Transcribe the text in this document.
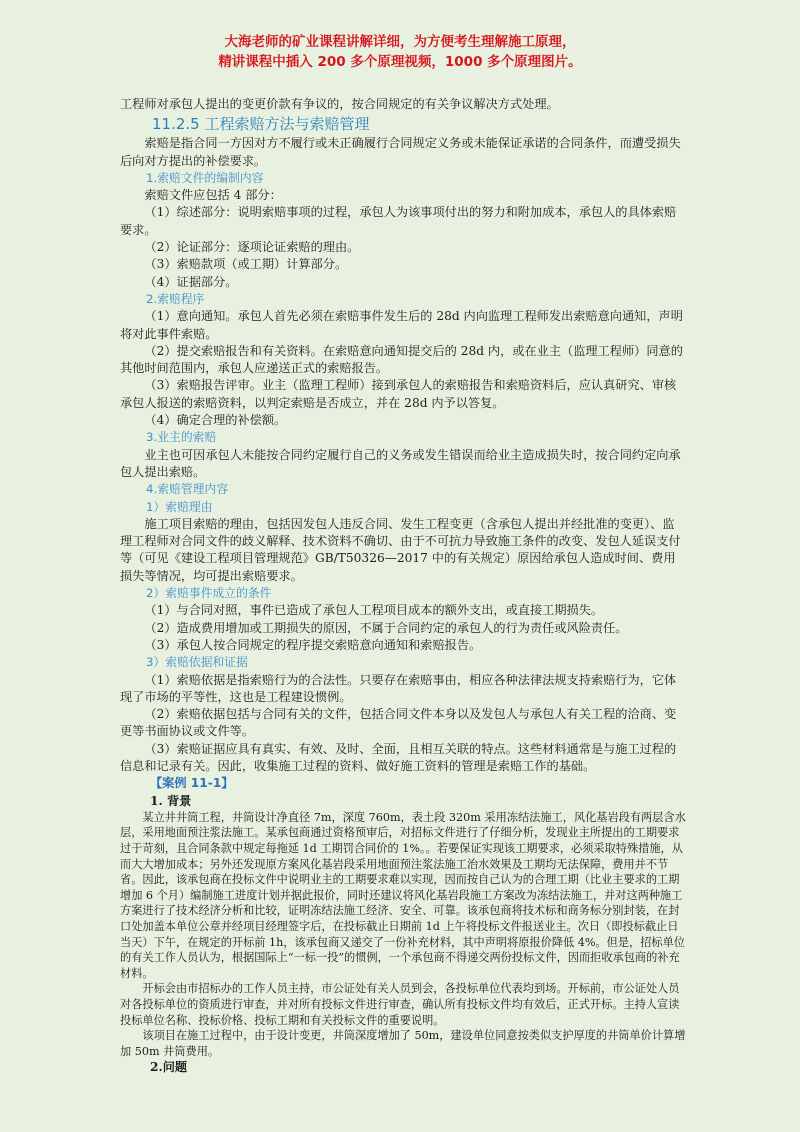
大海老师的矿业课程讲解详细，为方便考生理解施工原理，
精讲课程中插入 200 多个原理视频，1000 多个原理图片。

工程师对承包人提出的变更价款有争议的，按合同规定的有关争议解决方式处理。

11.2.5 工程索赔方法与索赔管理

索赔是指合同一方因对方不履行或未正确履行合同规定义务或未能保证承诺的合同条件，而遭受损失后向对方提出的补偿要求。

1.索赔文件的编制内容

索赔文件应包括 4 部分：

（1）综述部分：说明索赔事项的过程，承包人为该事项付出的努力和附加成本，承包人的具体索赔要求。

（2）论证部分：逐项论证索赔的理由。

（3）索赔款项（或工期）计算部分。

（4）证据部分。

2.索赔程序

（1）意向通知。承包人首先必须在索赔事件发生后的 28d 内向监理工程师发出索赔意向通知，声明将对此事件索赔。

（2）提交索赔报告和有关资料。在索赔意向通知提交后的 28d 内，或在业主（监理工程师）同意的其他时间范围内，承包人应递送正式的索赔报告。

（3）索赔报告评审。业主（监理工程师）接到承包人的索赔报告和索赔资料后，应认真研究、审核承包人报送的索赔资料，以判定索赔是否成立，并在 28d 内予以答复。

（4）确定合理的补偿额。

3.业主的索赔

业主也可因承包人未能按合同约定履行自己的义务或发生错误而给业主造成损失时，按合同约定向承包人提出索赔。

4.索赔管理内容

1）索赔理由

施工项目索赔的理由，包括因发包人违反合同、发生工程变更（含承包人提出并经批准的变更）、监理工程师对合同文件的歧义解释、技术资料不确切、由于不可抗力导致施工条件的改变、发包人延误支付等（可见《建设工程项目管理规范》GB/T50326—2017 中的有关规定）原因给承包人造成时间、费用损失等情况，均可提出索赔要求。

2）索赔事件成立的条件

（1）与合同对照，事件已造成了承包人工程项目成本的额外支出，或直接工期损失。

（2）造成费用增加或工期损失的原因，不属于合同约定的承包人的行为责任或风险责任。

（3）承包人按合同规定的程序提交索赔意向通知和索赔报告。

3）索赔依据和证据

（1）索赔依据是指索赔行为的合法性。只要存在索赔事由，相应各种法律法规支持索赔行为，它体现了市场的平等性，这也是工程建设惯例。

（2）索赔依据包括与合同有关的文件，包括合同文件本身以及发包人与承包人有关工程的洽商、变更等书面协议或文件等。

（3）索赔证据应具有真实、有效、及时、全面，且相互关联的特点。这些材料通常是与施工过程的信息和记录有关。因此，收集施工过程的资料、做好施工资料的管理是索赔工作的基础。

【案例 11-1】

1. 背景

某立井井筒工程，井筒设计净直径 7m，深度 760m，表土段 320m 采用冻结法施工，风化基岩段有两层含水层，采用地面预注浆法施工。某承包商通过资格预审后，对招标文件进行了仔细分析，发现业主所提出的工期要求过于苛刻，且合同条款中规定每拖延 1d 工期罚合同价的 1%。。若要保证实现该工期要求，必须采取特殊措施，从而大大增加成本；另外还发现原方案风化基岩段采用地面预注浆法施工治水效果及工期均无法保障，费用并不节省。因此，该承包商在投标文件中说明业主的工期要求难以实现，因而按自己认为的合理工期（比业主要求的工期增加 6 个月）编制施工进度计划并据此报价，同时还建议将风化基岩段施工方案改为冻结法施工，并对这两种施工方案进行了技术经济分析和比较，证明冻结法施工经济、安全、可靠。该承包商将技术标和商务标分别封装，在封口处加盖本单位公章并经项目经理签字后，在投标截止日期前 1d 上午将投标文件报送业主。次日（即投标截止日当天）下午，在规定的开标前 1h，该承包商又递交了一份补充材料，其中声明将原报价降低 4%。但是，招标单位的有关工作人员认为，根据国际上“一标一投”的惯例，一个承包商不得递交两份投标文件，因而拒收承包商的补充材料。

开标会由市招标办的工作人员主持，市公证处有关人员到会，各投标单位代表均到场。开标前，市公证处人员对各投标单位的资质进行审查，并对所有投标文件进行审查，确认所有投标文件均有效后，正式开标。主持人宣读投标单位名称、投标价格、投标工期和有关投标文件的重要说明。

该项目在施工过程中，由于设计变更，井筒深度增加了 50m，建设单位同意按类似支护厚度的井筒单价计算增加 50m 井筒费用。

2.问题
